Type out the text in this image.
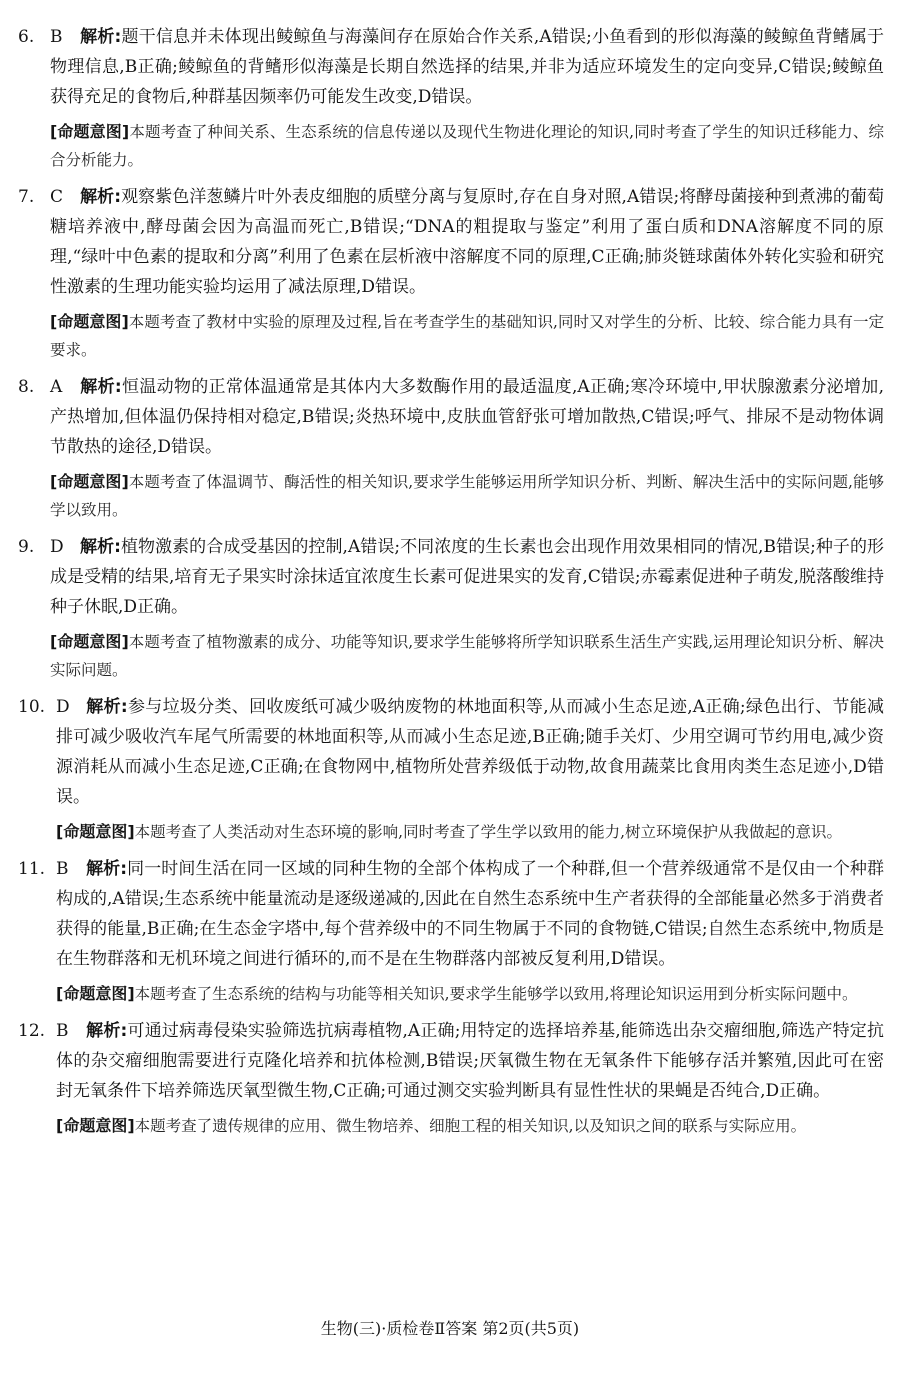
6. B 解析:题干信息并未体现出鲮鲸鱼与海藻间存在原始合作关系,A错误;小鱼看到的形似海藻的鲮鲸鱼背鳍属于物理信息,B正确;鲮鲸鱼的背鳍形似海藻是长期自然选择的结果,并非为适应环境发生的定向变异,C错误;鲮鲸鱼获得充足的食物后,种群基因频率仍可能发生改变,D错误。
[命题意图]本题考查了种间关系、生态系统的信息传递以及现代生物进化理论的知识,同时考查了学生的知识迁移能力、综合分析能力。
7. C 解析:观察紫色洋葱鳞片叶外表皮细胞的质壁分离与复原时,存在自身对照,A错误;将酵母菌接种到煮沸的葡萄糖培养液中,酵母菌会因为高温而死亡,B错误;“DNA的粗提取与鉴定”利用了蛋白质和DNA溶解度不同的原理,“绿叶中色素的提取和分离”利用了色素在层析液中溶解度不同的原理,C正确;肺炎链球菌体外转化实验和研究性激素的生理功能实验均运用了减法原理,D错误。
[命题意图]本题考查了教材中实验的原理及过程,旨在考查学生的基础知识,同时又对学生的分析、比较、综合能力具有一定要求。
8. A 解析:恒温动物的正常体温通常是其体内大多数酶作用的最适温度,A正确;寒冷环境中,甲状腺激素分泌增加,产热增加,但体温仍保持相对稳定,B错误;炎热环境中,皮肤血管舒张可增加散热,C错误;呼气、排尿不是动物体调节散热的途径,D错误。
[命题意图]本题考查了体温调节、酶活性的相关知识,要求学生能够运用所学知识分析、判断、解决生活中的实际问题,能够学以致用。
9. D 解析:植物激素的合成受基因的控制,A错误;不同浓度的生长素也会出现作用效果相同的情况,B错误;种子的形成是受精的结果,培育无子果实时涂抹适宜浓度生长素可促进果实的发育,C错误;赤霉素促进种子萌发,脱落酸维持种子休眠,D正确。
[命题意图]本题考查了植物激素的成分、功能等知识,要求学生能够将所学知识联系生活生产实践,运用理论知识分析、解决实际问题。
10. D 解析:参与垃圾分类、回收废纸可减少吸纳废物的林地面积等,从而减小生态足迹,A正确;绿色出行、节能减排可减少吸收汽车尾气所需要的林地面积等,从而减小生态足迹,B正确;随手关灯、少用空调可节约用电,减少资源消耗从而减小生态足迹,C正确;在食物网中,植物所处营养级低于动物,故食用蔬菜比食用肉类生态足迹小,D错误。
[命题意图]本题考查了人类活动对生态环境的影响,同时考查了学生学以致用的能力,树立环境保护从我做起的意识。
11. B 解析:同一时间生活在同一区域的同种生物的全部个体构成了一个种群,但一个营养级通常不是仅由一个种群构成的,A错误;生态系统中能量流动是逐级递减的,因此在自然生态系统中生产者获得的全部能量必然多于消费者获得的能量,B正确;在生态金字塔中,每个营养级中的不同生物属于不同的食物链,C错误;自然生态系统中,物质是在生物群落和无机环境之间进行循环的,而不是在生物群落内部被反复利用,D错误。
[命题意图]本题考查了生态系统的结构与功能等相关知识,要求学生能够学以致用,将理论知识运用到分析实际问题中。
12. B 解析:可通过病毒侵染实验筛选抗病毒植物,A正确;用特定的选择培养基,能筛选出杂交瘤细胞,筛选产特定抗体的杂交瘤细胞需要进行克隆化培养和抗体检测,B错误;厌氧微生物在无氧条件下能够存活并繁殖,因此可在密封无氧条件下培养筛选厌氧型微生物,C正确;可通过测交实验判断具有显性性状的果蝇是否纯合,D正确。
[命题意图]本题考查了遗传规律的应用、微生物培养、细胞工程的相关知识,以及知识之间的联系与实际应用。
生物(三)·质检卷Ⅱ答案 第2页(共5页)
